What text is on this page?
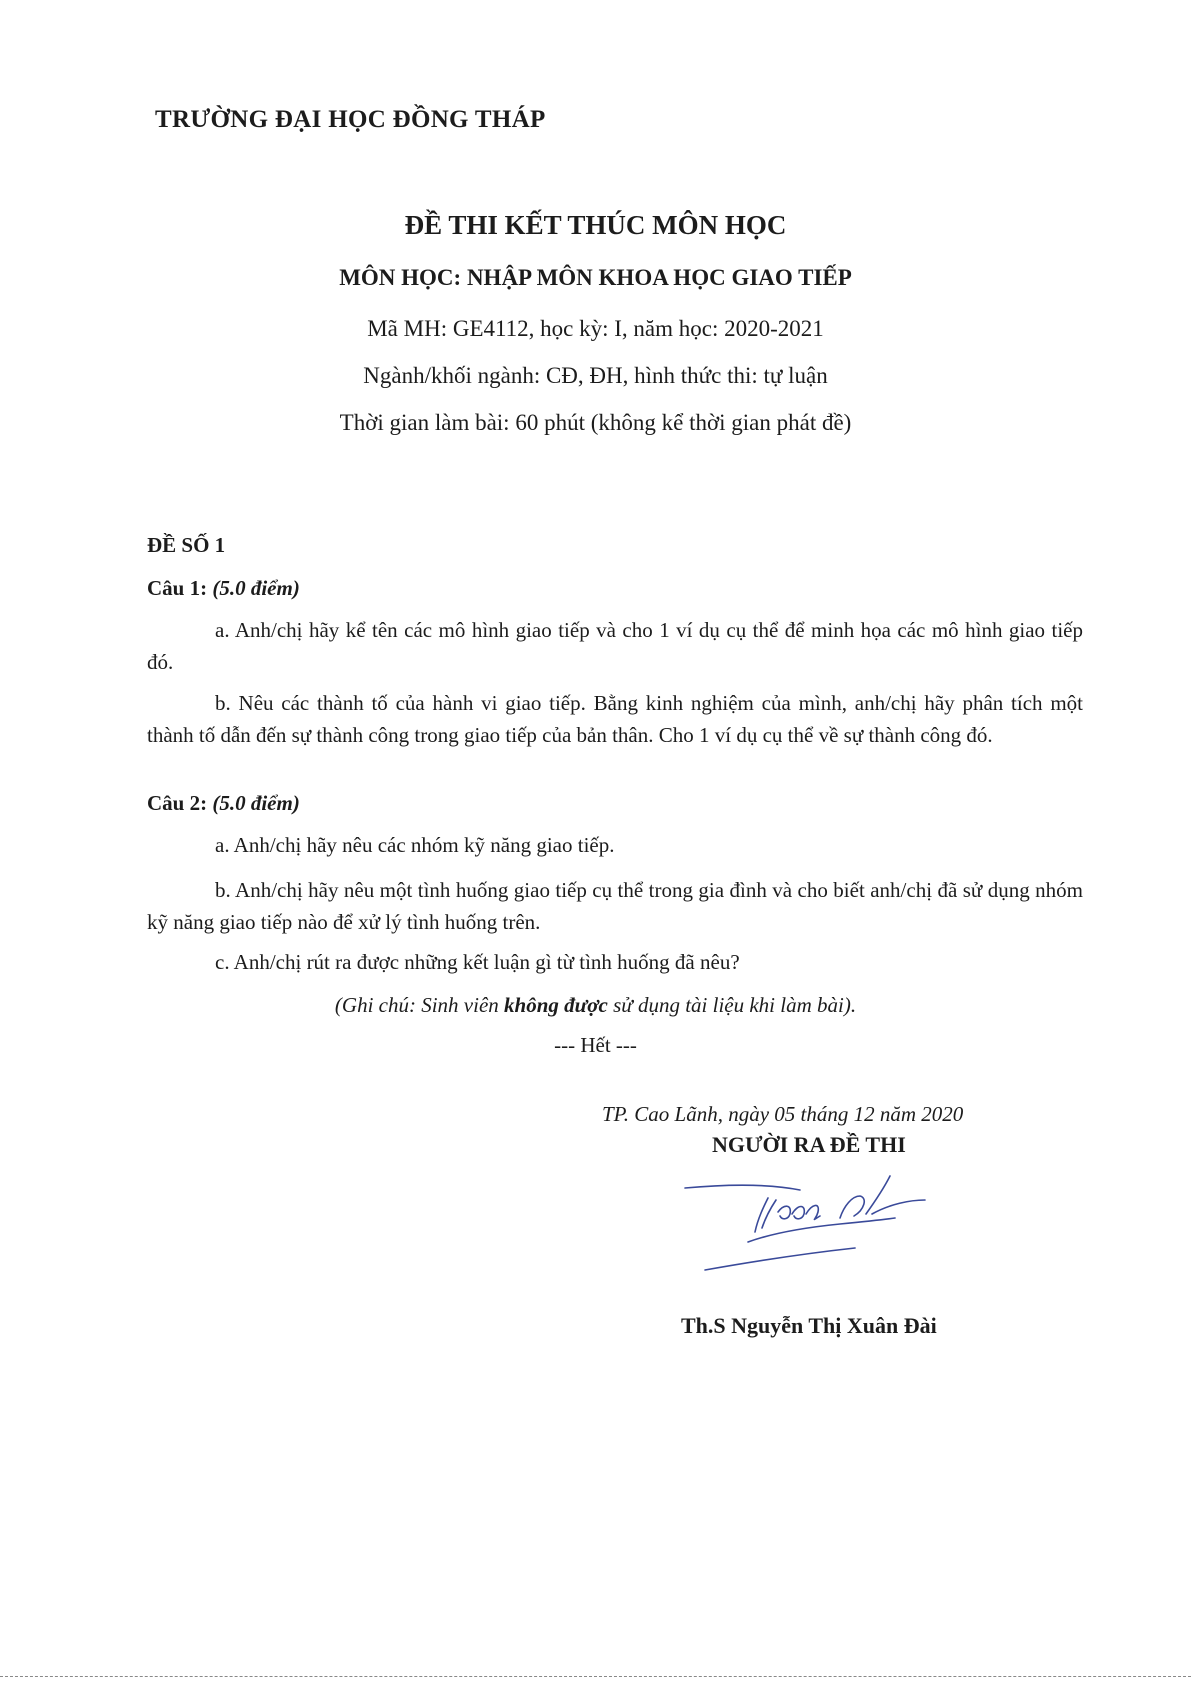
TRƯỜNG ĐẠI HỌC ĐỒNG THÁP
ĐỀ THI KẾT THÚC MÔN HỌC
MÔN HỌC: NHẬP MÔN KHOA HỌC GIAO TIẾP
Mã MH: GE4112, học kỳ: I, năm học: 2020-2021
Ngành/khối ngành: CĐ, ĐH, hình thức thi: tự luận
Thời gian làm bài: 60 phút (không kể thời gian phát đề)
ĐỀ SỐ 1
Câu 1: (5.0 điểm)
a. Anh/chị hãy kể tên các mô hình giao tiếp và cho 1 ví dụ cụ thể để minh họa các mô hình giao tiếp đó.
b. Nêu các thành tố của hành vi giao tiếp. Bằng kinh nghiệm của mình, anh/chị hãy phân tích một thành tố dẫn đến sự thành công trong giao tiếp của bản thân. Cho 1 ví dụ cụ thể về sự thành công đó.
Câu 2: (5.0 điểm)
a. Anh/chị hãy nêu các nhóm kỹ năng giao tiếp.
b. Anh/chị hãy nêu một tình huống giao tiếp cụ thể trong gia đình và cho biết anh/chị đã sử dụng nhóm kỹ năng giao tiếp nào để xử lý tình huống trên.
c. Anh/chị rút ra được những kết luận gì từ tình huống đã nêu?
(Ghi chú: Sinh viên không được sử dụng tài liệu khi làm bài).
--- Hết ---
TP. Cao Lãnh, ngày 05 tháng 12 năm 2020
NGƯỜI RA ĐỀ THI
Th.S Nguyễn Thị Xuân Đài
